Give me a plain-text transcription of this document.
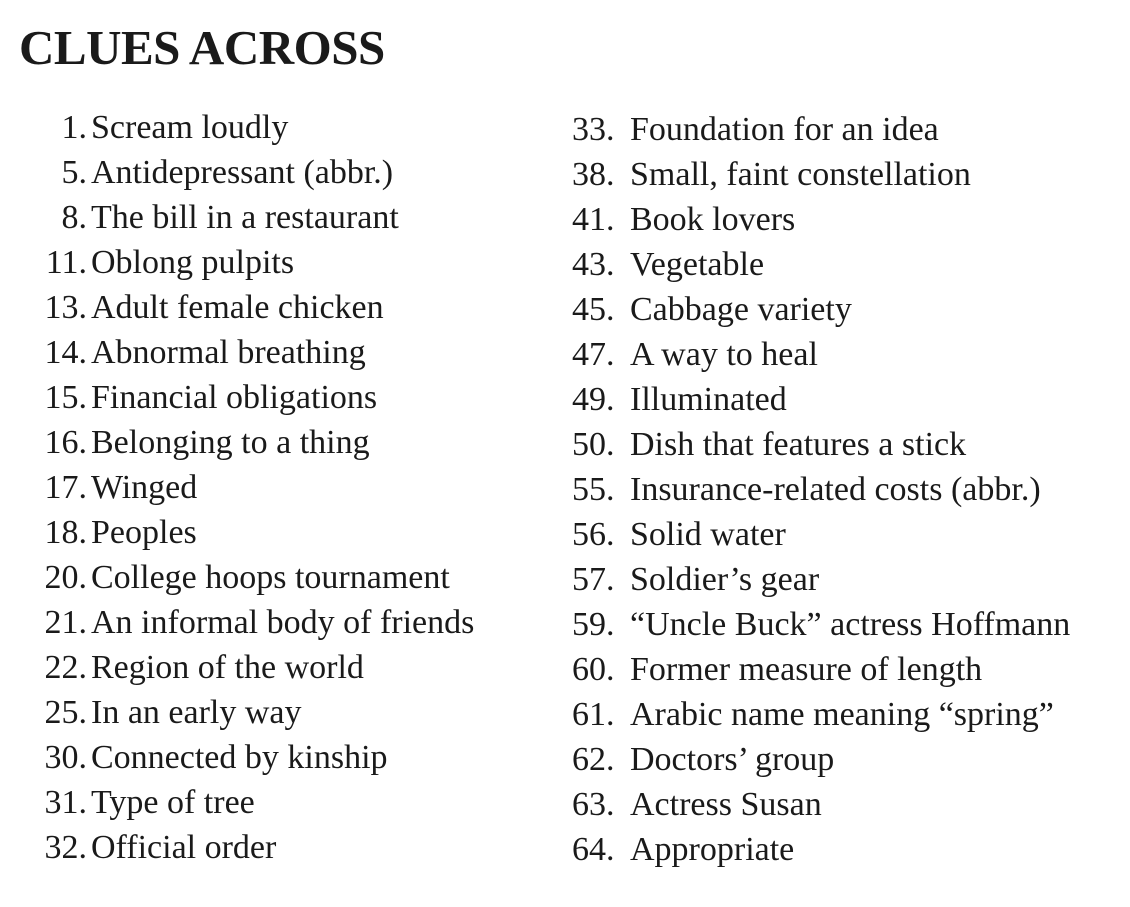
CLUES ACROSS
1. Scream loudly
5. Antidepressant (abbr.)
8. The bill in a restaurant
11. Oblong pulpits
13. Adult female chicken
14. Abnormal breathing
15. Financial obligations
16. Belonging to a thing
17. Winged
18. Peoples
20. College hoops tournament
21. An informal body of friends
22. Region of the world
25. In an early way
30. Connected by kinship
31. Type of tree
32. Official order
33. Foundation for an idea
38. Small, faint constellation
41. Book lovers
43. Vegetable
45. Cabbage variety
47. A way to heal
49. Illuminated
50. Dish that features a stick
55. Insurance-related costs (abbr.)
56. Solid water
57. Soldier’s gear
59. “Uncle Buck” actress Hoffmann
60. Former measure of length
61. Arabic name meaning “spring”
62. Doctors’ group
63. Actress Susan
64. Appropriate
